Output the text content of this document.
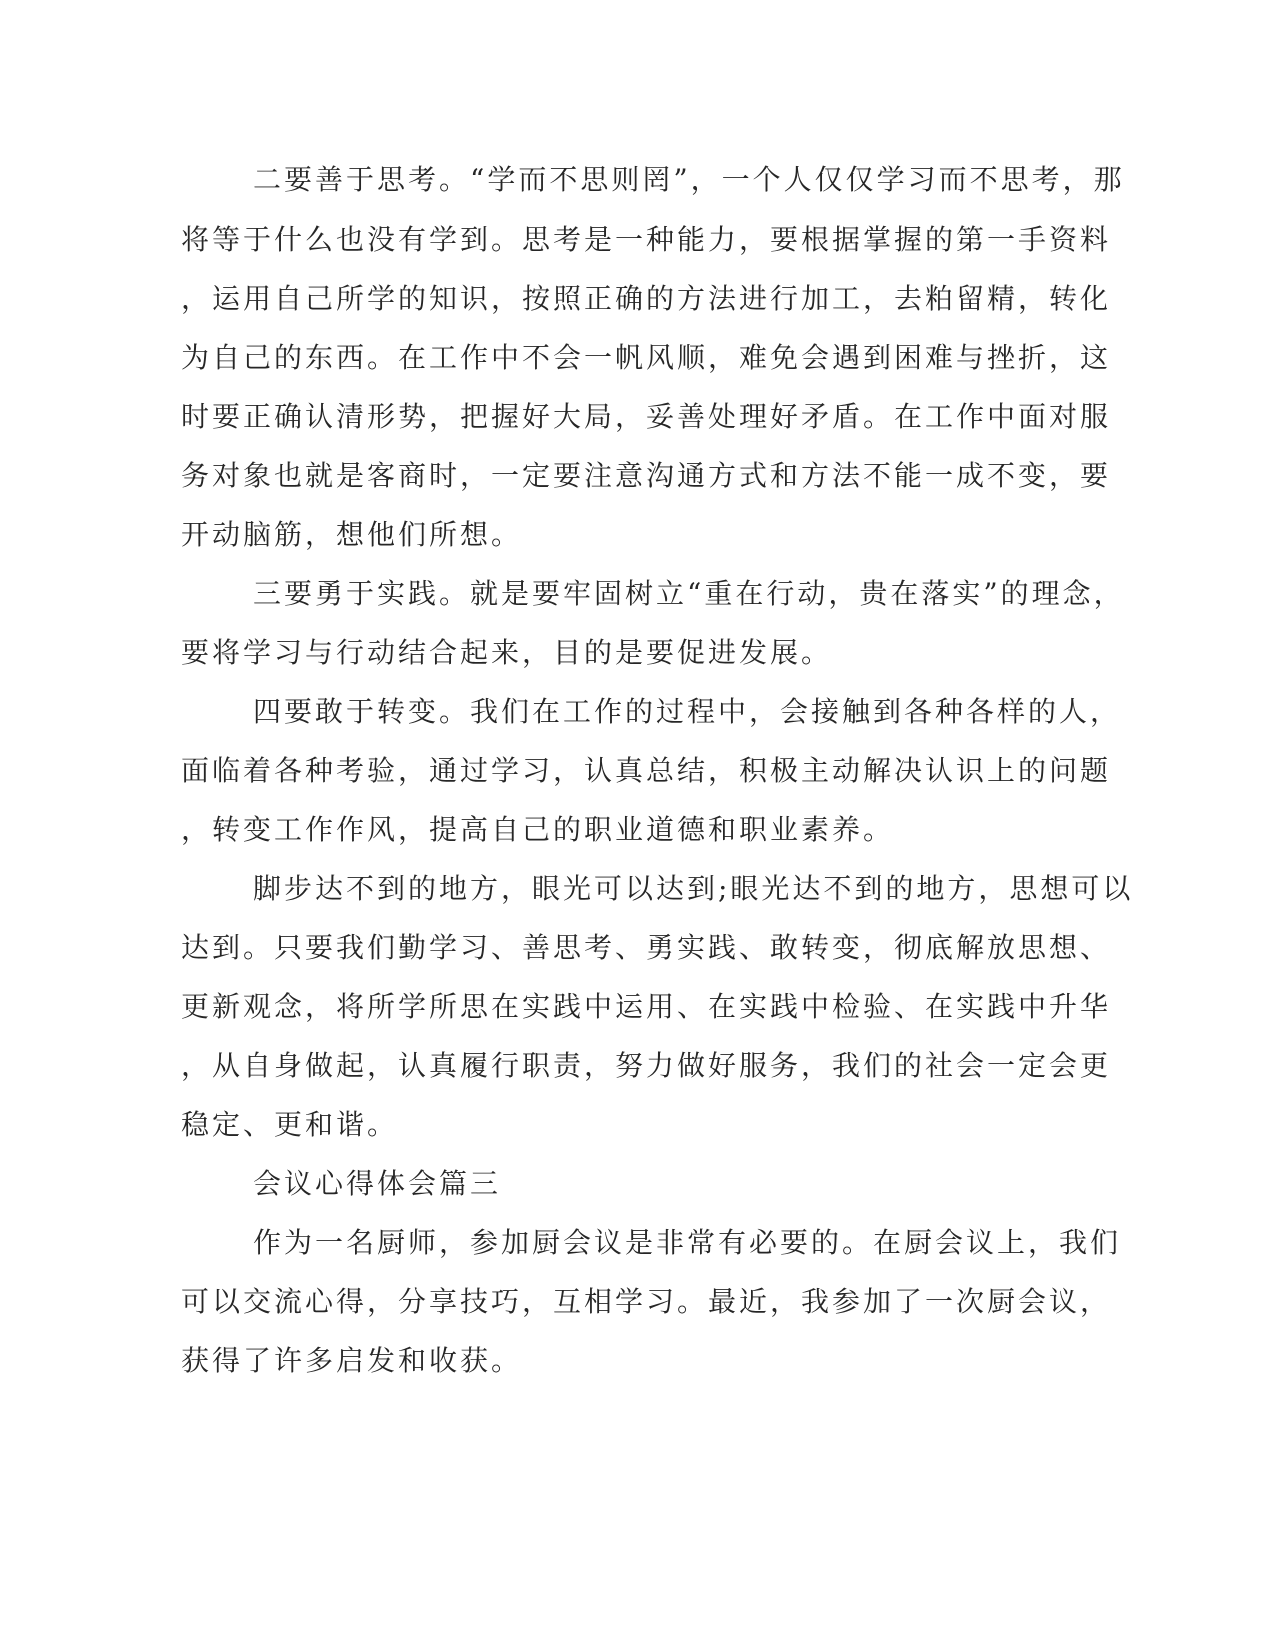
二要善于思考。“学而不思则罔”，一个人仅仅学习而不思考，那

将等于什么也没有学到。思考是一种能力，要根据掌握的第一手资料

，运用自己所学的知识，按照正确的方法进行加工，去粕留精，转化

为自己的东西。在工作中不会一帆风顺，难免会遇到困难与挫折，这

时要正确认清形势，把握好大局，妥善处理好矛盾。在工作中面对服

务对象也就是客商时，一定要注意沟通方式和方法不能一成不变，要

开动脑筋，想他们所想。

三要勇于实践。就是要牢固树立“重在行动，贵在落实”的理念，

要将学习与行动结合起来，目的是要促进发展。

四要敢于转变。我们在工作的过程中，会接触到各种各样的人，

面临着各种考验，通过学习，认真总结，积极主动解决认识上的问题

，转变工作作风，提高自己的职业道德和职业素养。

脚步达不到的地方，眼光可以达到;眼光达不到的地方，思想可以

达到。只要我们勤学习、善思考、勇实践、敢转变，彻底解放思想、

更新观念，将所学所思在实践中运用、在实践中检验、在实践中升华

，从自身做起，认真履行职责，努力做好服务，我们的社会一定会更

稳定、更和谐。

会议心得体会篇三

作为一名厨师，参加厨会议是非常有必要的。在厨会议上，我们

可以交流心得，分享技巧，互相学习。最近，我参加了一次厨会议，

获得了许多启发和收获。
